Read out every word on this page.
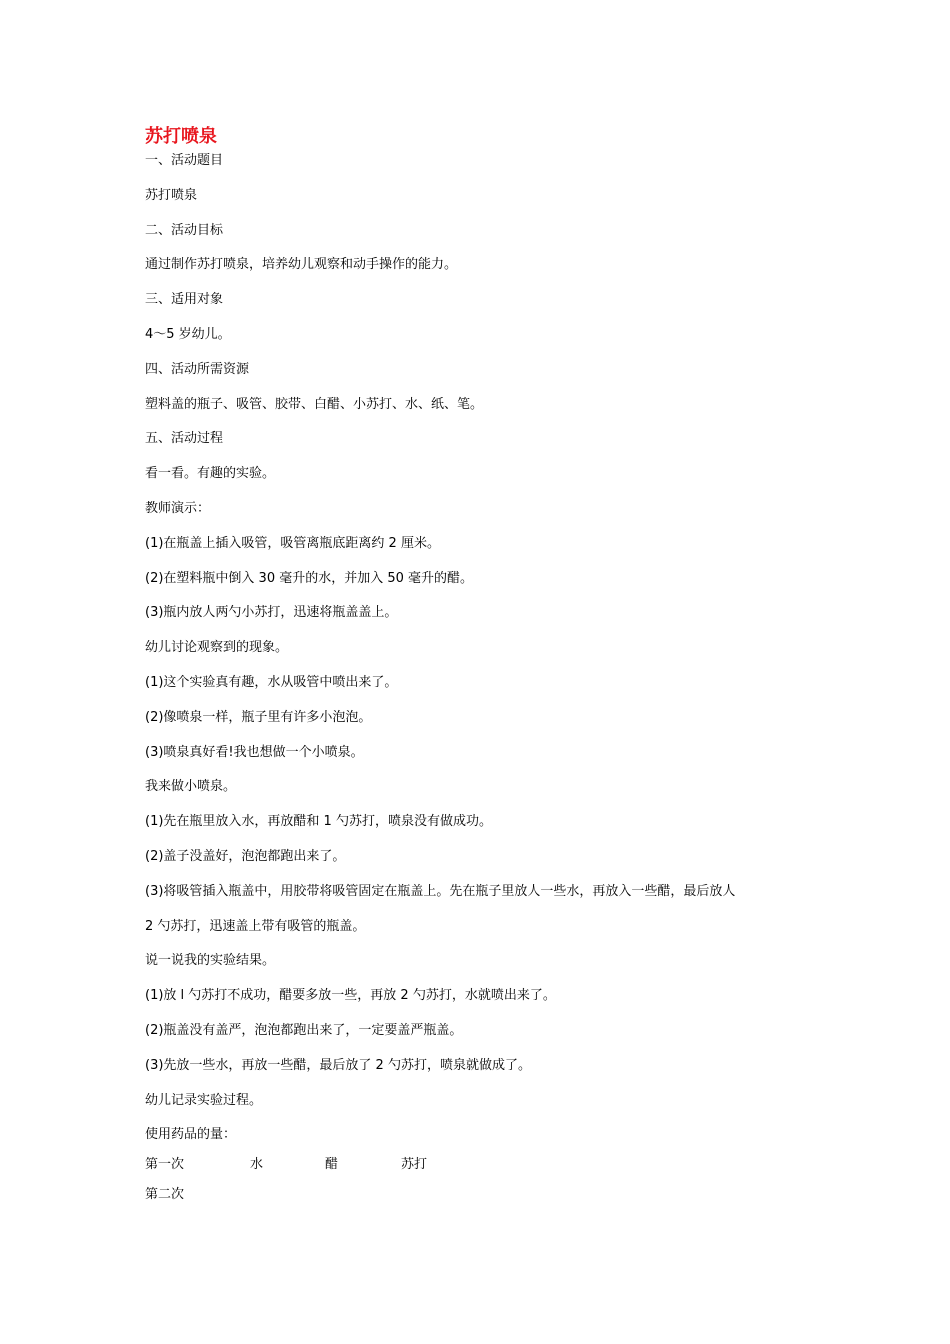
苏打喷泉
一、活动题目
苏打喷泉
二、活动目标
通过制作苏打喷泉，培养幼儿观察和动手操作的能力。
三、适用对象
4～5 岁幼儿。
四、活动所需资源
塑料盖的瓶子、吸管、胶带、白醋、小苏打、水、纸、笔。
五、活动过程
看一看。有趣的实验。
教师演示：
(1)在瓶盖上插入吸管，吸管离瓶底距离约 2 厘米。
(2)在塑料瓶中倒入 30 毫升的水，并加入 50 毫升的醋。
(3)瓶内放人两勺小苏打，迅速将瓶盖盖上。
幼儿讨论观察到的现象。
(1)这个实验真有趣，水从吸管中喷出来了。
(2)像喷泉一样，瓶子里有许多小泡泡。
(3)喷泉真好看!我也想做一个小喷泉。
我来做小喷泉。
(1)先在瓶里放入水，再放醋和 1 勺苏打，喷泉没有做成功。
(2)盖子没盖好，泡泡都跑出来了。
(3)将吸管插入瓶盖中，用胶带将吸管固定在瓶盖上。先在瓶子里放人一些水，再放入一些醋，最后放人
2 勺苏打，迅速盖上带有吸管的瓶盖。
说一说我的实验结果。
(1)放 l 勺苏打不成功，醋要多放一些，再放 2 勺苏打，水就喷出来了。
(2)瓶盖没有盖严，泡泡都跑出来了，一定要盖严瓶盖。
(3)先放一些水，再放一些醋，最后放了 2 勺苏打，喷泉就做成了。
幼儿记录实验过程。
使用药品的量：
第一次	水	醋	苏打
第二次
